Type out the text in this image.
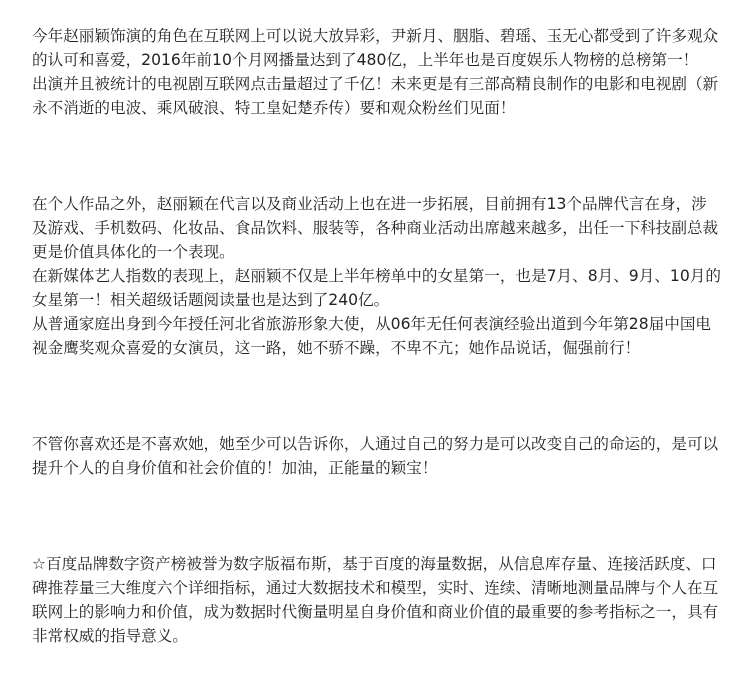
今年赵丽颖饰演的角色在互联网上可以说大放异彩，尹新月、胭脂、碧瑶、玉无心都受到了许多观众的认可和喜爱，2016年前10个月网播量达到了480亿，上半年也是百度娱乐人物榜的总榜第一！

出演并且被统计的电视剧互联网点击量超过了千亿！未来更是有三部高精良制作的电影和电视剧（新永不消逝的电波、乘风破浪、特工皇妃楚乔传）要和观众粉丝们见面！

在个人作品之外，赵丽颖在代言以及商业活动上也在进一步拓展，目前拥有13个品牌代言在身，涉及游戏、手机数码、化妆品、食品饮料、服装等，各种商业活动出席越来越多，出任一下科技副总裁更是价值具体化的一个表现。

在新媒体艺人指数的表现上，赵丽颖不仅是上半年榜单中的女星第一，也是7月、8月、9月、10月的女星第一！相关超级话题阅读量也是达到了240亿。

从普通家庭出身到今年授任河北省旅游形象大使，从06年无任何表演经验出道到今年第28届中国电视金鹰奖观众喜爱的女演员，这一路，她不骄不躁，不卑不亢；她作品说话，倔强前行！

不管你喜欢还是不喜欢她，她至少可以告诉你，人通过自己的努力是可以改变自己的命运的，是可以提升个人的自身价值和社会价值的！加油，正能量的颖宝！

☆百度品牌数字资产榜被誉为数字版福布斯，基于百度的海量数据，从信息库存量、连接活跃度、口碑推荐量三大维度六个详细指标，通过大数据技术和模型，实时、连续、清晰地测量品牌与个人在互联网上的影响力和价值，成为数据时代衡量明星自身价值和商业价值的最重要的参考指标之一，具有非常权威的指导意义。
